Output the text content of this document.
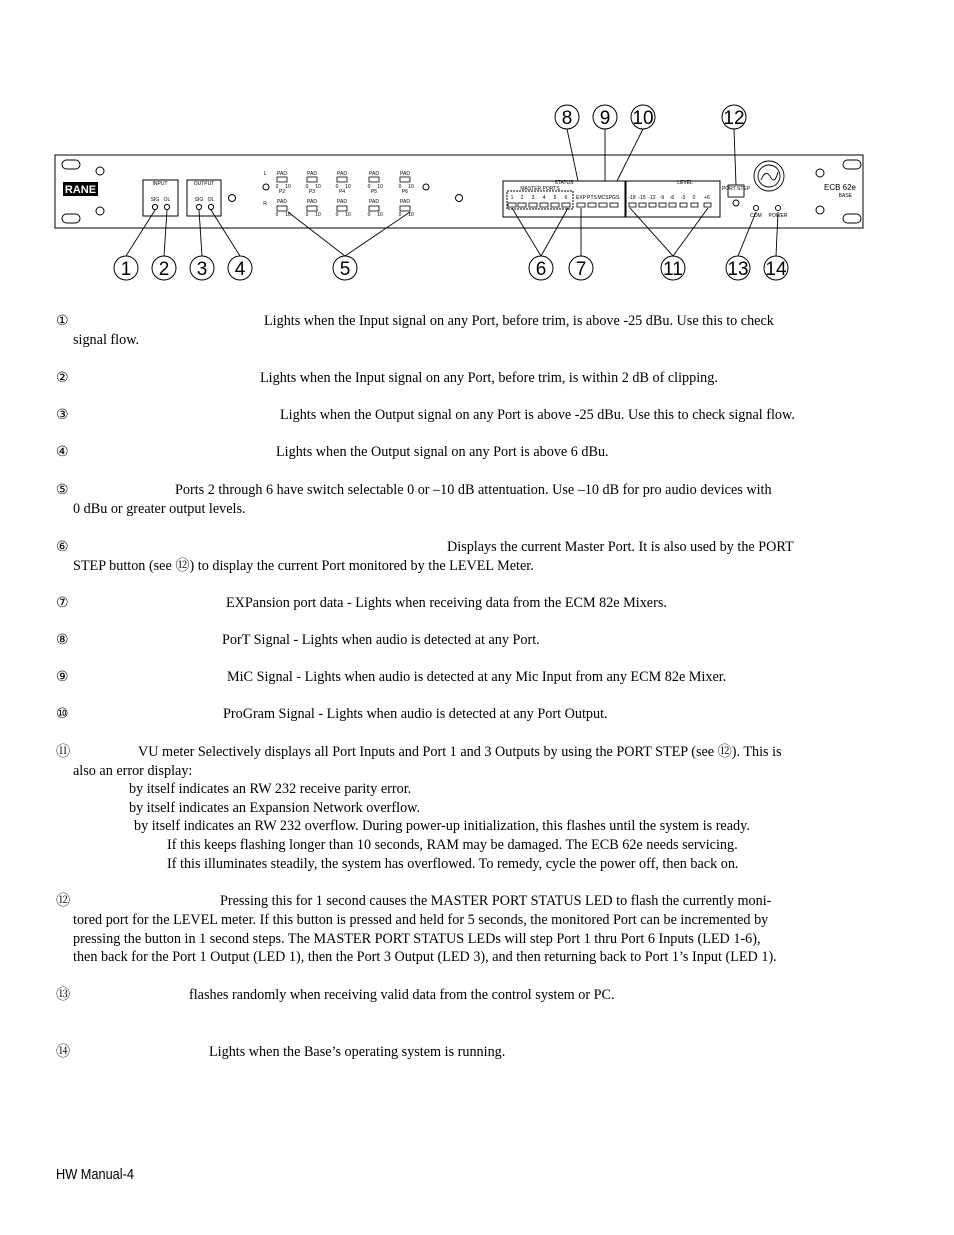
8 9 10	12
1 2 3 4	5	6 7	11 13 14
RANE	ECB 62e
BASE
INPUT	OUTPUT
SIG OL	SIG OL
STATUS
MASTER PORTS
LEVEL
PORT STEP
COM POWER
L
R
1 2 3 4 5 6 EXP PTS MCS PGS -18 -15 -12 -9 -6 -3 0 +6
PAD
0 10
P2
PAD
0 10
PAD
0 10
P3
PAD
0 10
PAD
0 10
P4
PAD
0 10
PAD
0 10
P5
PAD
0 10
PAD
0 10
P6
PAD
0 10
①	Lights when the Input signal on any Port, before trim, is above -25 dBu. Use this to check
signal flow.
②	Lights when the Input signal on any Port, before trim, is within 2 dB of clipping.
③	Lights when the Output signal on any Port is above -25 dBu. Use this to check signal flow.
④	Lights when the Output signal on any Port is above 6 dBu.
⑤	Ports 2 through 6 have switch selectable 0 or –10 dB attentuation. Use –10 dB for pro audio devices with
0 dBu or greater output levels.
⑥	Displays the current Master Port. It is also used by the PORT
STEP button (see ⑫) to display the current Port monitored by the LEVEL Meter.
⑦	EXPansion port data - Lights when receiving data from the ECM 82e Mixers.
⑧	PorT Signal - Lights when audio is detected at any Port.
⑨	MiC Signal - Lights when audio is detected at any Mic Input from any ECM 82e Mixer.
⑩	ProGram Signal - Lights when audio is detected at any Port Output.
⑪	VU meter Selectively displays all Port Inputs and Port 1 and 3 Outputs by using the PORT STEP (see ⑫). This is
also an error display:
⑫	Pressing this for 1 second causes the MASTER PORT STATUS LED to flash the currently moni-
tored port for the LEVEL meter. If this button is pressed and held for 5 seconds, the monitored Port can be incremented by
pressing the button in 1 second steps. The MASTER PORT STATUS LEDs will step Port 1 thru Port 6 Inputs (LED 1-6),
then back for the Port 1 Output (LED 1), then the Port 3 Output (LED 3), and then returning back to Port 1’s Input (LED 1).
⑬	flashes randomly when receiving valid data from the control system or PC.
⑭	Lights when the Base’s operating system is running.
HW Manual-4
by itself indicates an RW 232 receive parity error.
by itself indicates an Expansion Network overflow.
by itself indicates an RW 232 overflow. During power-up initialization, this flashes until the system is ready.
If this keeps flashing longer than 10 seconds, RAM may be damaged. The ECB 62e needs servicing.
If this illuminates steadily, the system has overflowed. To remedy, cycle the power off, then back on.
